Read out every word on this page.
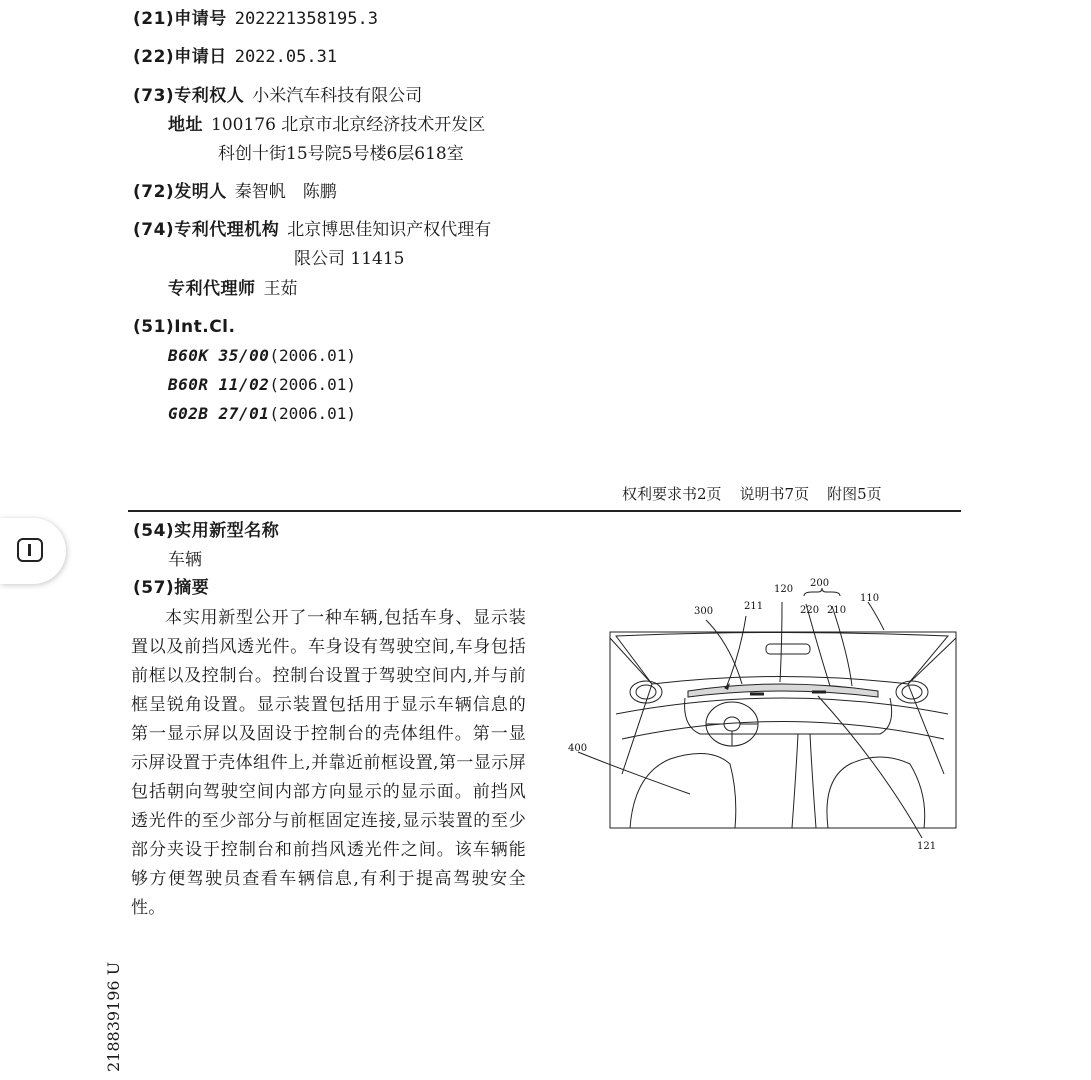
(21)申请号 202221358195.3
(22)申请日 2022.05.31
(73)专利权人 小米汽车科技有限公司
地址 100176 北京市北京经济技术开发区
科创十街15号院5号楼6层618室
(72)发明人 秦智帆　陈鹏
(74)专利代理机构 北京博思佳知识产权代理有
限公司 11415
专利代理师 王茹
(51)Int.Cl.
B60K 35/00(2006.01)
B60R 11/02(2006.01)
G02B 27/01(2006.01)
权利要求书2页 说明书7页 附图5页
(54)实用新型名称
车辆
(57)摘要
本实用新型公开了一种车辆,包括车身、显示装置以及前挡风透光件。车身设有驾驶空间,车身包括前框以及控制台。控制台设置于驾驶空间内,并与前框呈锐角设置。显示装置包括用于显示车辆信息的第一显示屏以及固设于控制台的壳体组件。第一显示屏设置于壳体组件上,并靠近前框设置,第一显示屏包括朝向驾驶空间内部方向显示的显示面。前挡风透光件的至少部分与前框固定连接,显示装置的至少部分夹设于控制台和前挡风透光件之间。该车辆能够方便驾驶员查看车辆信息,有利于提高驾驶安全性。
120
200
110
300	211	220 210
400
121
218839196 U
